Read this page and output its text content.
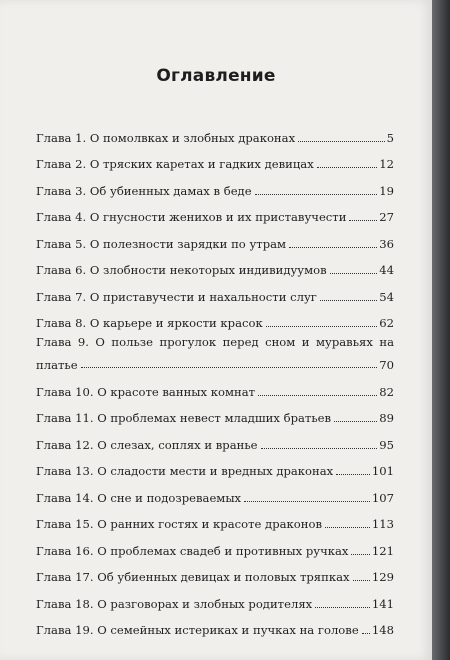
Оглавление
Глава 1. О помолвках и злобных драконах	5
Глава 2. О тряских каретах и гадких девицах	12
Глава 3. Об убиенных дамах в беде	19
Глава 4. О гнусности женихов и их приставучести	27
Глава 5. О полезности зарядки по утрам	36
Глава 6. О злобности некоторых индивидуумов	44
Глава 7. О приставучести и нахальности слуг	54
Глава 8. О карьере и яркости красок	62
Глава 9. О пользе прогулок перед сном и муравьях на
платье	70
Глава 10. О красоте ванных комнат	82
Глава 11. О проблемах невест младших братьев	89
Глава 12. О слезах, соплях и вранье	95
Глава 13. О сладости мести и вредных драконах	101
Глава 14. О сне и подозреваемых	107
Глава 15. О ранних гостях и красоте драконов	113
Глава 16. О проблемах свадеб и противных ручках 121
Глава 17. Об убиенных девицах и половых тряпках 129
Глава 18. О разговорах и злобных родителях	141
Глава 19. О семейных истериках и пучках на голове 148
